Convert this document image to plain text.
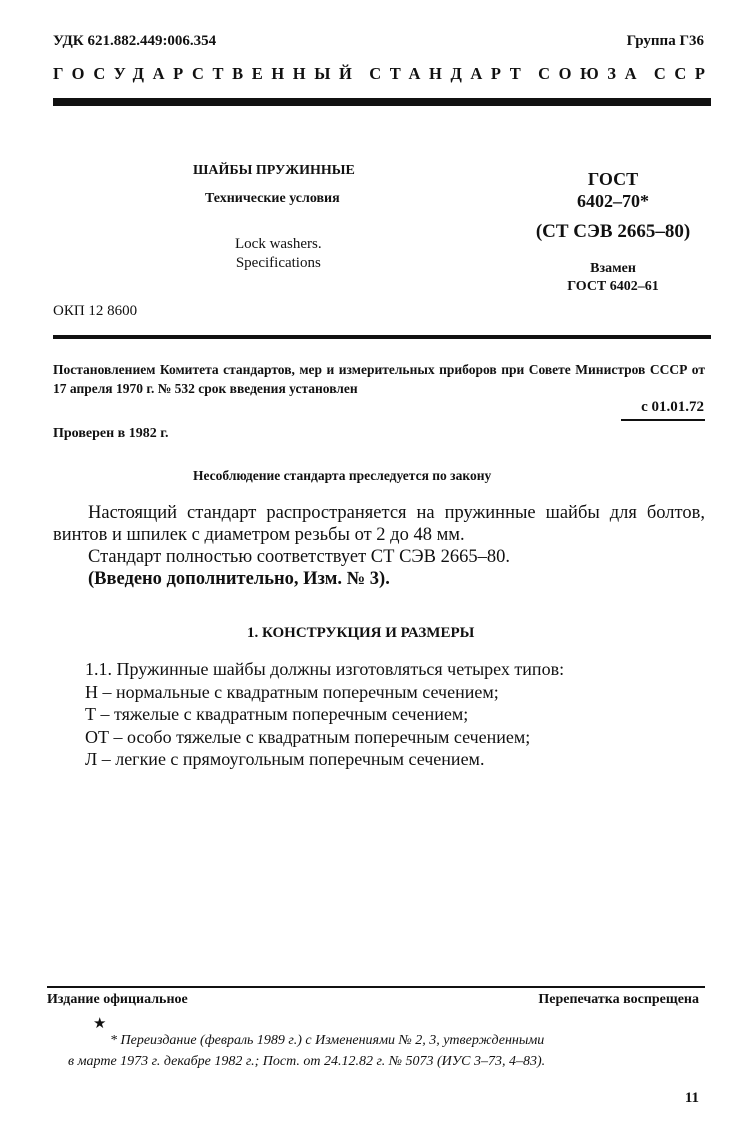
УДК 621.882.449:006.354	Группа Г36
ГОСУДАРСТВЕННЫЙ СТАНДАРТ СОЮЗА ССР
ШАЙБЫ ПРУЖИННЫЕ
Технические условия
Lock washers.
Specifications
ГОСТ
6402–70*
(СТ СЭВ 2665–80)
Взамен
ГОСТ 6402–61
ОКП 12 8600
Постановлением Комитета стандартов, мер и измерительных приборов при Совете Министров СССР от 17 апреля 1970 г. № 532 срок введения установлен
с 01.01.72
Проверен в 1982 г.
Несоблюдение стандарта преследуется по закону
Настоящий стандарт распространяется на пружинные шайбы для болтов, винтов и шпилек с диаметром резьбы от 2 до 48 мм.
Стандарт полностью соответствует СТ СЭВ 2665–80.
(Введено дополнительно, Изм. № 3).
1. КОНСТРУКЦИЯ И РАЗМЕРЫ
1.1. Пружинные шайбы должны изготовляться четырех типов:
Н – нормальные с квадратным поперечным сечением;
Т – тяжелые с квадратным поперечным сечением;
ОТ – особо тяжелые с квадратным поперечным сечением;
Л – легкие с прямоугольным поперечным сечением.
Издание официальное	Перепечатка воспрещена
★
* Переиздание (февраль 1989 г.) с Изменениями № 2, 3, утвержденными
в марте 1973 г. декабре 1982 г.; Пост. от 24.12.82 г. № 5073 (ИУС 3–73, 4–83).
11
